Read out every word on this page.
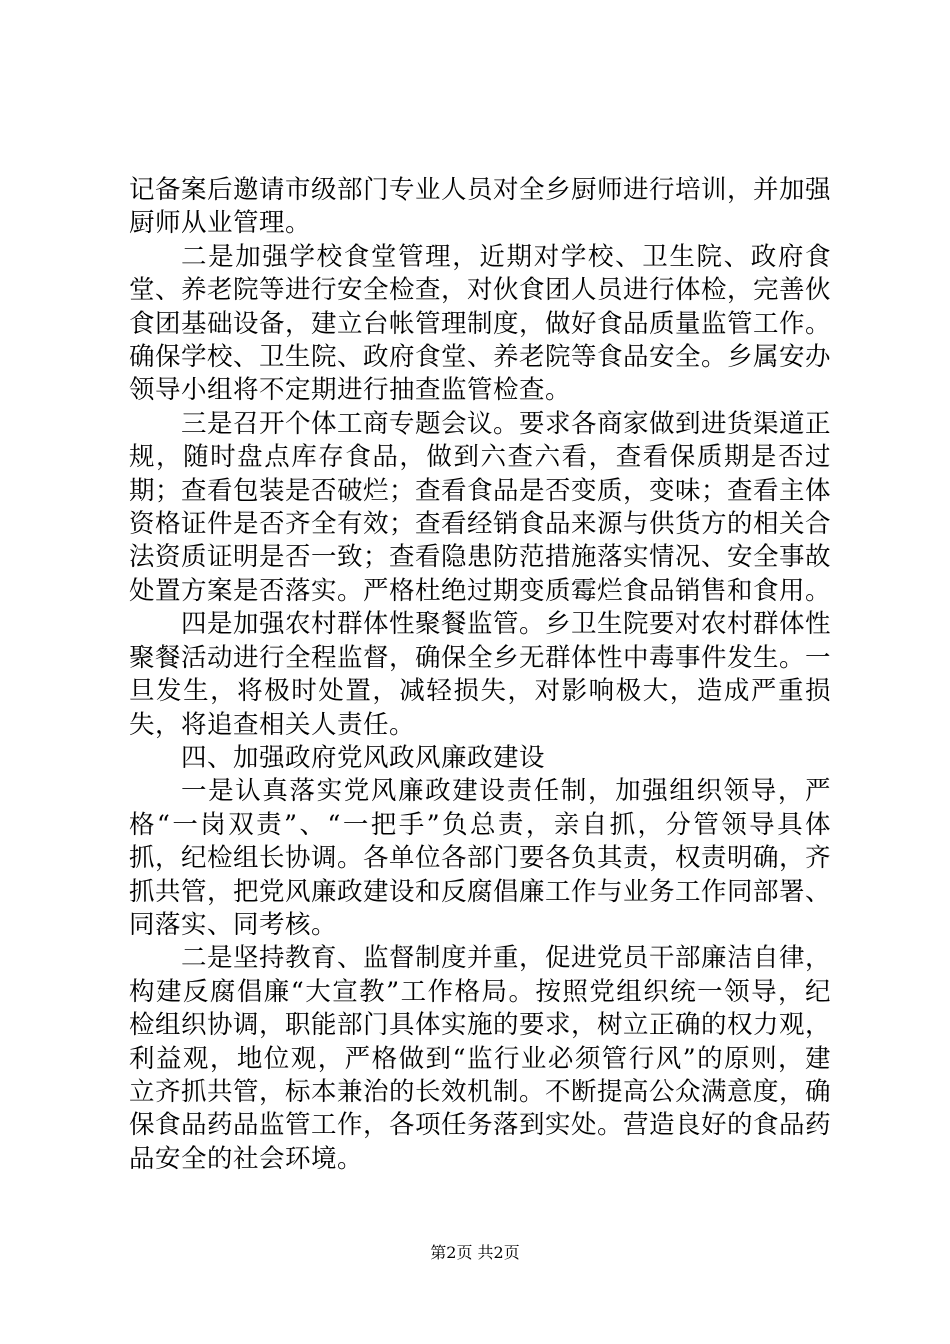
记备案后邀请市级部门专业人员对全乡厨师进行培训，并加强厨师从业管理。

二是加强学校食堂管理，近期对学校、卫生院、政府食堂、养老院等进行安全检查，对伙食团人员进行体检，完善伙食团基础设备，建立台帐管理制度，做好食品质量监管工作。确保学校、卫生院、政府食堂、养老院等食品安全。乡属安办领导小组将不定期进行抽查监管检查。

三是召开个体工商专题会议。要求各商家做到进货渠道正规，随时盘点库存食品，做到六查六看，查看保质期是否过期；查看包装是否破烂；查看食品是否变质，变味；查看主体资格证件是否齐全有效；查看经销食品来源与供货方的相关合法资质证明是否一致；查看隐患防范措施落实情况、安全事故处置方案是否落实。严格杜绝过期变质霉烂食品销售和食用。

四是加强农村群体性聚餐监管。乡卫生院要对农村群体性聚餐活动进行全程监督，确保全乡无群体性中毒事件发生。一旦发生，将极时处置，减轻损失，对影响极大，造成严重损失，将追查相关人责任。

四、加强政府党风政风廉政建设

一是认真落实党风廉政建设责任制，加强组织领导，严格“一岗双责”、“一把手”负总责，亲自抓，分管领导具体抓，纪检组长协调。各单位各部门要各负其责，权责明确，齐抓共管，把党风廉政建设和反腐倡廉工作与业务工作同部署、同落实、同考核。

二是坚持教育、监督制度并重，促进党员干部廉洁自律，构建反腐倡廉“大宣教”工作格局。按照党组织统一领导，纪检组织协调，职能部门具体实施的要求，树立正确的权力观，利益观，地位观，严格做到“监行业必须管行风”的原则，建立齐抓共管，标本兼治的长效机制。不断提高公众满意度，确保食品药品监管工作，各项任务落到实处。营造良好的食品药品安全的社会环境。

第2页 共2页
